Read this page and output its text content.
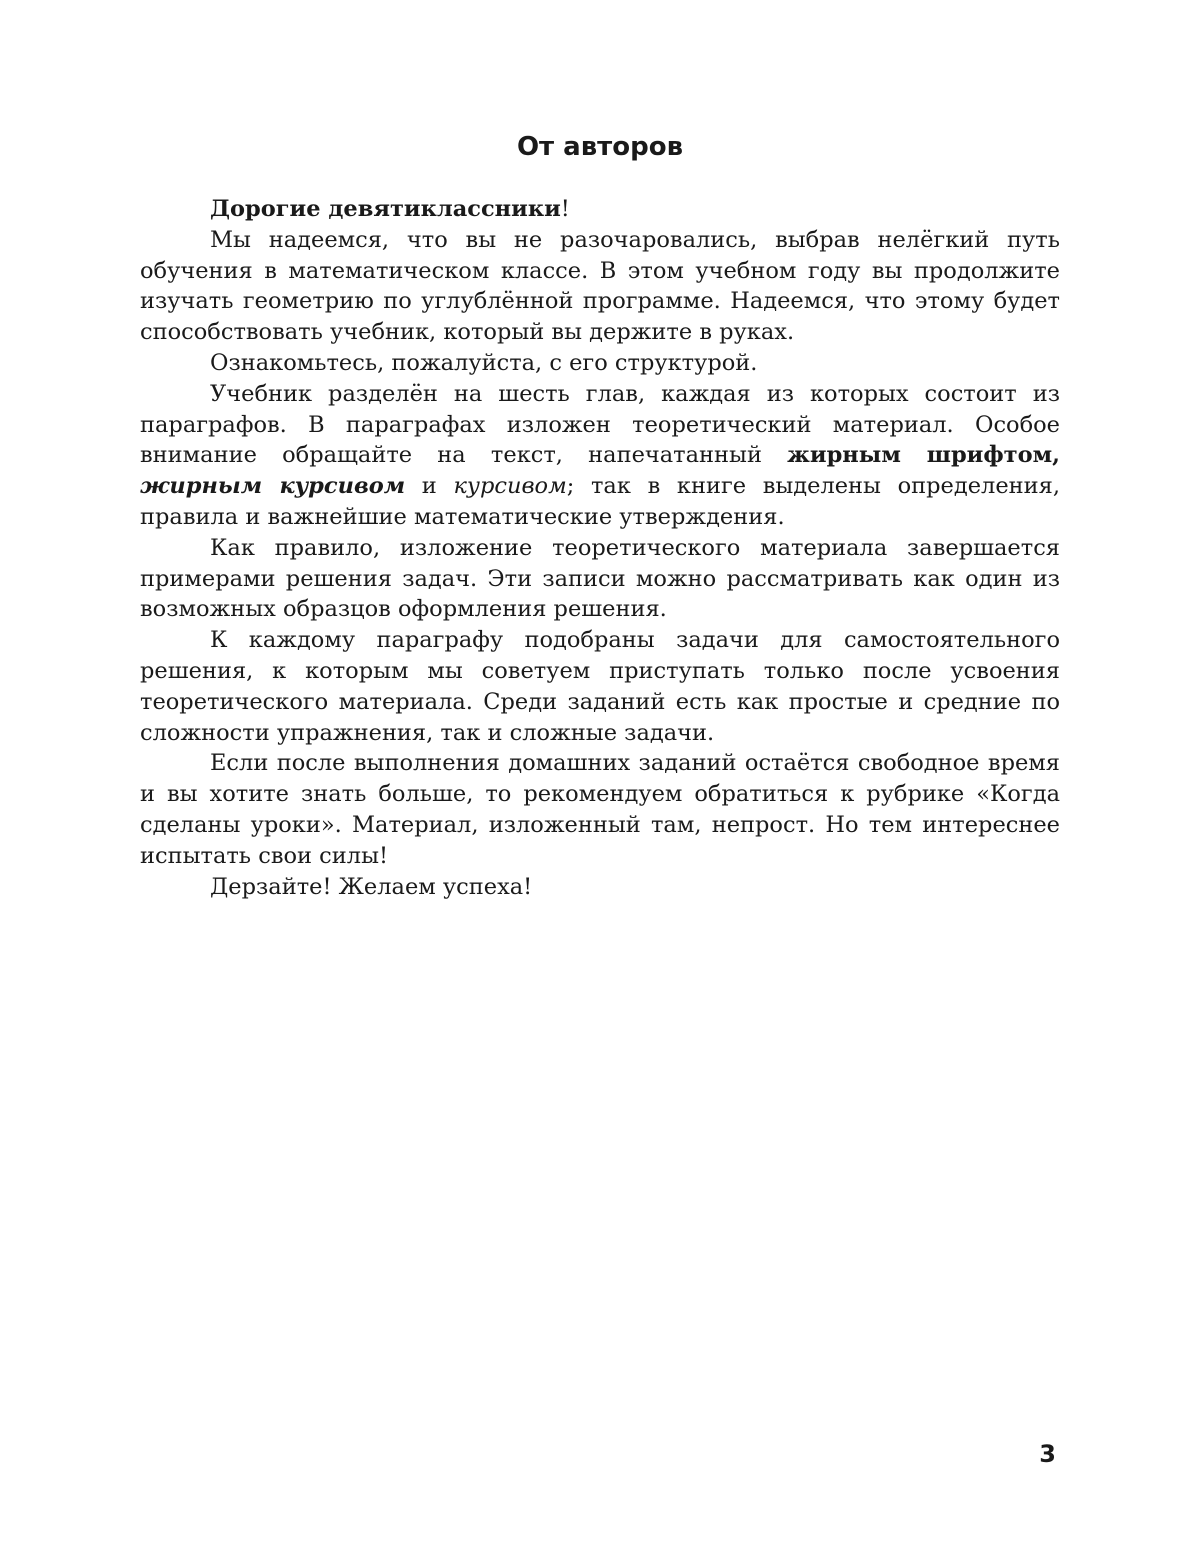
От авторов

Дорогие девятиклассники!

Мы надеемся, что вы не разочаровались, выбрав нелёгкий путь обучения в математическом классе. В этом учебном году вы продолжите изучать геометрию по углублённой программе. Надеемся, что этому будет способствовать учебник, который вы держите в руках.

Ознакомьтесь, пожалуйста, с его структурой.

Учебник разделён на шесть глав, каждая из которых состоит из параграфов. В параграфах изложен теоретический материал. Особое внимание обращайте на текст, напечатанный жирным шрифтом, жирным курсивом и курсивом; так в книге выделены определения, правила и важнейшие математические утверждения.

Как правило, изложение теоретического материала завершается примерами решения задач. Эти записи можно рассматривать как один из возможных образцов оформления решения.

К каждому параграфу подобраны задачи для самостоятельного решения, к которым мы советуем приступать только после усвоения теоретического материала. Среди заданий есть как простые и средние по сложности упражнения, так и сложные задачи.

Если после выполнения домашних заданий остаётся свободное время и вы хотите знать больше, то рекомендуем обратиться к рубрике «Когда сделаны уроки». Материал, изложенный там, непрост. Но тем интереснее испытать свои силы!

Дерзайте! Желаем успеха!

3
